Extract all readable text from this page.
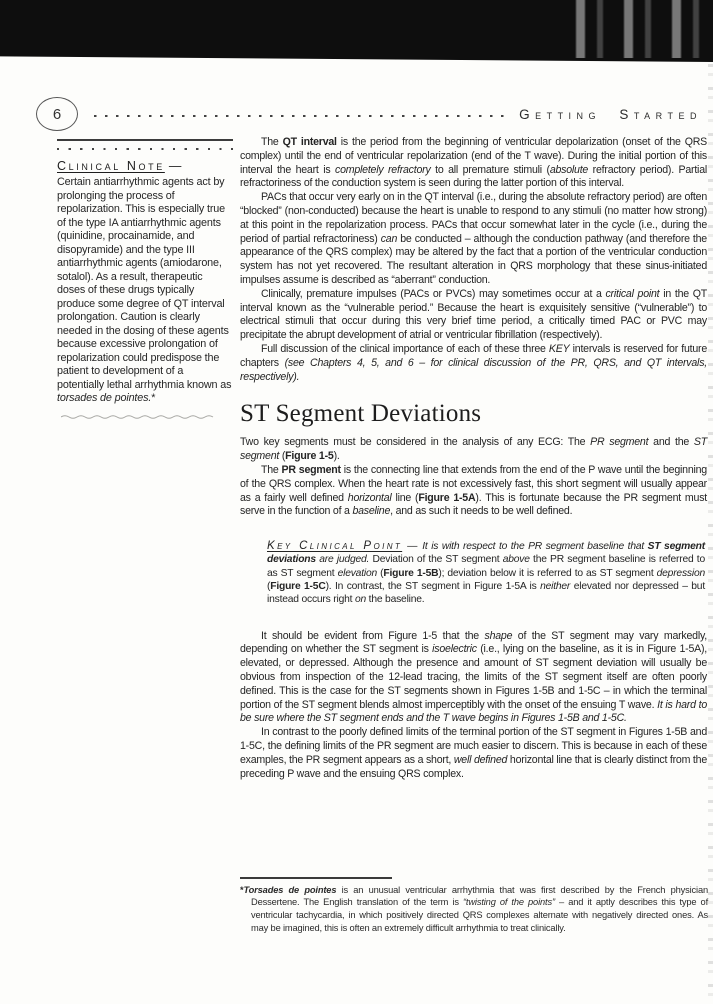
6	Getting Started
Clinical Note —
Certain antiarrhythmic agents act by prolonging the process of repolarization. This is especially true of the type IA antiarrhythmic agents (quinidine, procainamide, and disopyramide) and the type III antiarrhythmic agents (amiodarone, sotalol). As a result, therapeutic doses of these drugs typically produce some degree of QT interval prolongation. Caution is clearly needed in the dosing of these agents because excessive prolongation of repolarization could predispose the patient to development of a potentially lethal arrhythmia known as torsades de pointes.*

The QT interval is the period from the beginning of ventricular depolarization (onset of the QRS complex) until the end of ventricular repolarization (end of the T wave). During the initial portion of this interval the heart is completely refractory to all premature stimuli (absolute refractory period). Partial refractoriness of the conduction system is seen during the latter portion of this interval.

PACs that occur very early on in the QT interval (i.e., during the absolute refractory period) are often “blocked” (non-conducted) because the heart is unable to respond to any stimuli (no matter how strong) at this point in the repolarization process. PACs that occur somewhat later in the cycle (i.e., during the period of partial refractoriness) can be conducted – although the conduction pathway (and therefore the appearance of the QRS complex) may be altered by the fact that a portion of the ventricular conduction system has not yet recovered. The resultant alteration in QRS morphology that these sinus-initiated impulses assume is described as “aberrant” conduction.

Clinically, premature impulses (PACs or PVCs) may sometimes occur at a critical point in the QT interval known as the “vulnerable period.” Because the heart is exquisitely sensitive (“vulnerable”) to electrical stimuli that occur during this very brief time period, a critically timed PAC or PVC may precipitate the abrupt development of atrial or ventricular fibrillation (respectively).

Full discussion of the clinical importance of each of these three KEY intervals is reserved for future chapters (see Chapters 4, 5, and 6 – for clinical discussion of the PR, QRS, and QT intervals, respectively).

ST Segment Deviations

Two key segments must be considered in the analysis of any ECG: The PR segment and the ST segment (Figure 1-5).

The PR segment is the connecting line that extends from the end of the P wave until the beginning of the QRS complex. When the heart rate is not excessively fast, this short segment will usually appear as a fairly well defined horizontal line (Figure 1-5A). This is fortunate because the PR segment must serve in the function of a baseline, and as such it needs to be well defined.

Key Clinical Point — It is with respect to the PR segment baseline that ST segment deviations are judged. Deviation of the ST segment above the PR segment baseline is referred to as ST segment elevation (Figure 1-5B); deviation below it is referred to as ST segment depression (Figure 1-5C). In contrast, the ST segment in Figure 1-5A is neither elevated nor depressed – but instead occurs right on the baseline.

It should be evident from Figure 1-5 that the shape of the ST segment may vary markedly, depending on whether the ST segment is isoelectric (i.e., lying on the baseline, as it is in Figure 1-5A), elevated, or depressed. Although the presence and amount of ST segment deviation will usually be obvious from inspection of the 12-lead tracing, the limits of the ST segment itself are often poorly defined. This is the case for the ST segments shown in Figures 1-5B and 1-5C – in which the terminal portion of the ST segment blends almost imperceptibly with the onset of the ensuing T wave. It is hard to be sure where the ST segment ends and the T wave begins in Figures 1-5B and 1-5C.

In contrast to the poorly defined limits of the terminal portion of the ST segment in Figures 1-5B and 1-5C, the defining limits of the PR segment are much easier to discern. This is because in each of these examples, the PR segment appears as a short, well defined horizontal line that is clearly distinct from the preceding P wave and the ensuing QRS complex.

*Torsades de pointes is an unusual ventricular arrhythmia that was first described by the French physician Dessertene. The English translation of the term is “twisting of the points” – and it aptly describes this type of ventricular tachycardia, in which positively directed QRS complexes alternate with negatively directed ones. As may be imagined, this is often an extremely difficult arrhythmia to treat clinically.
